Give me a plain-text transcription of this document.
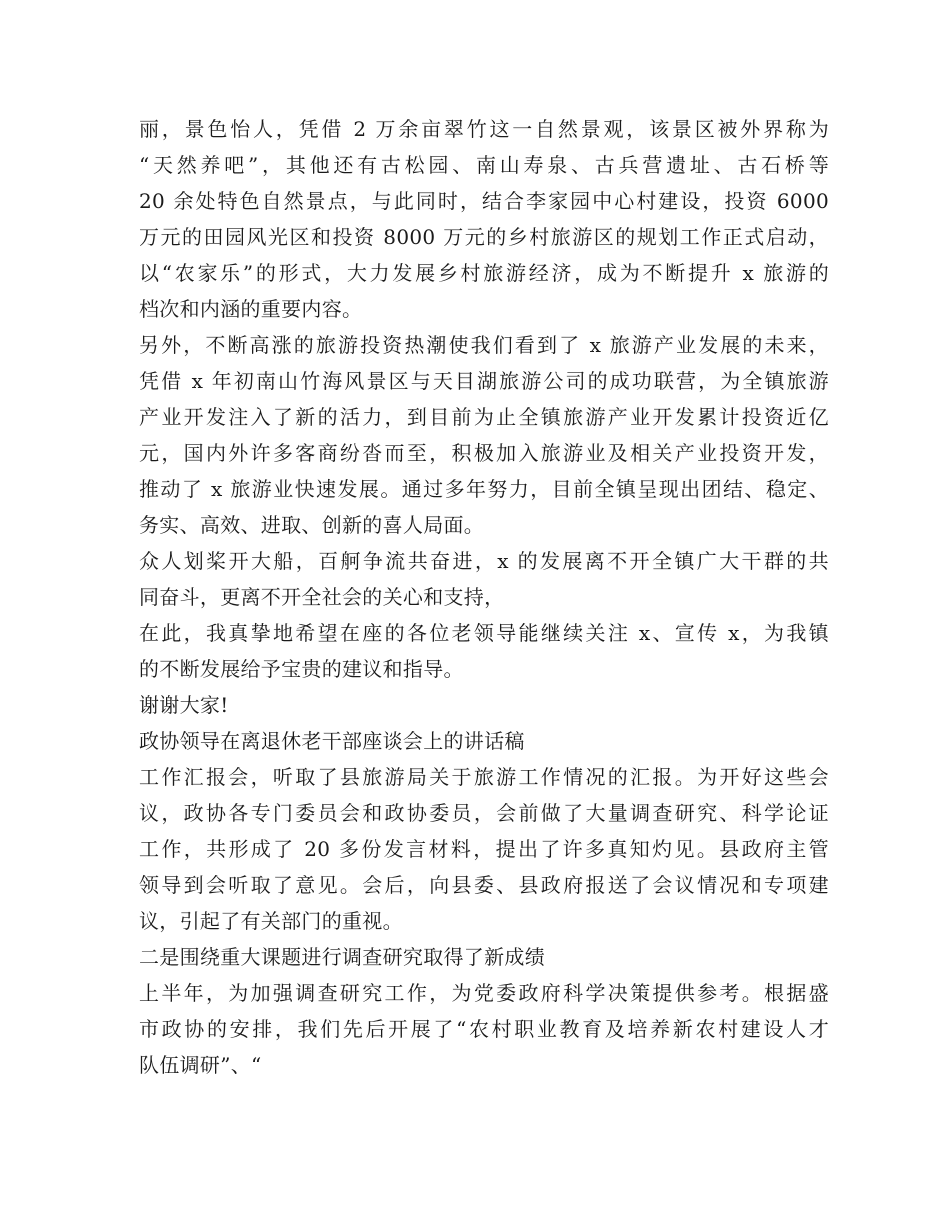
丽，景色怡人，凭借 2 万余亩翠竹这一自然景观，该景区被外界称为

“天然养吧”，其他还有古松园、南山寿泉、古兵营遗址、古石桥等

20 余处特色自然景点，与此同时，结合李家园中心村建设，投资 6000

万元的田园风光区和投资 8000 万元的乡村旅游区的规划工作正式启动，

以“农家乐”的形式，大力发展乡村旅游经济，成为不断提升 x 旅游的

档次和内涵的重要内容。

另外，不断高涨的旅游投资热潮使我们看到了 x 旅游产业发展的未来，

凭借 x 年初南山竹海风景区与天目湖旅游公司的成功联营，为全镇旅游

产业开发注入了新的活力，到目前为止全镇旅游产业开发累计投资近亿

元，国内外许多客商纷沓而至，积极加入旅游业及相关产业投资开发，

推动了 x 旅游业快速发展。通过多年努力，目前全镇呈现出团结、稳定、

务实、高效、进取、创新的喜人局面。

众人划桨开大船，百舸争流共奋进，x 的发展离不开全镇广大干群的共

同奋斗，更离不开全社会的关心和支持，

在此，我真挚地希望在座的各位老领导能继续关注 x、宣传 x，为我镇

的不断发展给予宝贵的建议和指导。

谢谢大家!

政协领导在离退休老干部座谈会上的讲话稿

工作汇报会，听取了县旅游局关于旅游工作情况的汇报。为开好这些会

议，政协各专门委员会和政协委员，会前做了大量调查研究、科学论证

工作，共形成了 20 多份发言材料，提出了许多真知灼见。县政府主管

领导到会听取了意见。会后，向县委、县政府报送了会议情况和专项建

议，引起了有关部门的重视。

二是围绕重大课题进行调查研究取得了新成绩

上半年，为加强调查研究工作，为党委政府科学决策提供参考。根据盛

市政协的安排，我们先后开展了“农村职业教育及培养新农村建设人才

队伍调研”、“
